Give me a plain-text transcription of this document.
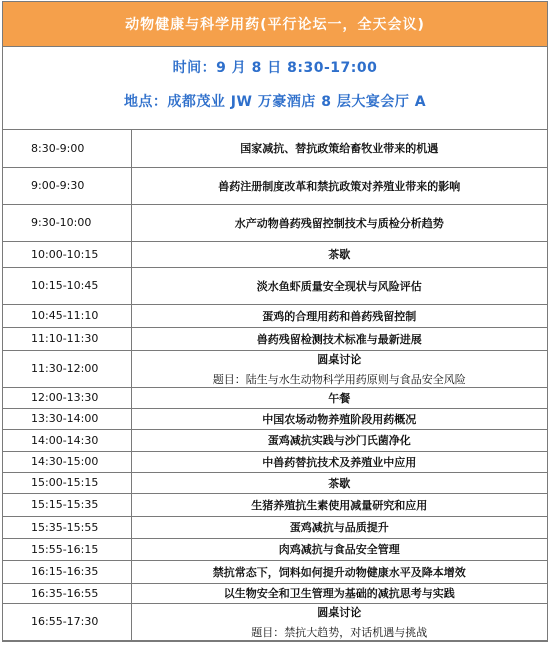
动物健康与科学用药(平行论坛一，全天会议)
时间：9 月 8 日 8:30-17:00
地点：成都茂业 JW 万豪酒店 8 层大宴会厅 A
8:30-9:00	国家减抗、替抗政策给畜牧业带来的机遇

9:00-9:30	兽药注册制度改革和禁抗政策对养殖业带来的影响

9:30-10:00	水产动物兽药残留控制技术与质检分析趋势

10:00-10:15	茶歇

10:15-10:45	淡水鱼虾质量安全现状与风险评估

10:45-11:10	蛋鸡的合理用药和兽药残留控制

11:10-11:30	兽药残留检测技术标准与最新进展

11:30-12:00	圆桌讨论
题目：陆生与水生动物科学用药原则与食品安全风险

12:00-13:30	午餐

13:30-14:00	中国农场动物养殖阶段用药概况

14:00-14:30	蛋鸡减抗实践与沙门氏菌净化

14:30-15:00	中兽药替抗技术及养殖业中应用

15:00-15:15	茶歇

15:15-15:35	生猪养殖抗生素使用减量研究和应用

15:35-15:55	蛋鸡减抗与品质提升

15:55-16:15	肉鸡减抗与食品安全管理

16:15-16:35	禁抗常态下，饲料如何提升动物健康水平及降本增效

16:35-16:55	以生物安全和卫生管理为基础的减抗思考与实践

16:55-17:30	圆桌讨论
题目：禁抗大趋势，对话机遇与挑战
